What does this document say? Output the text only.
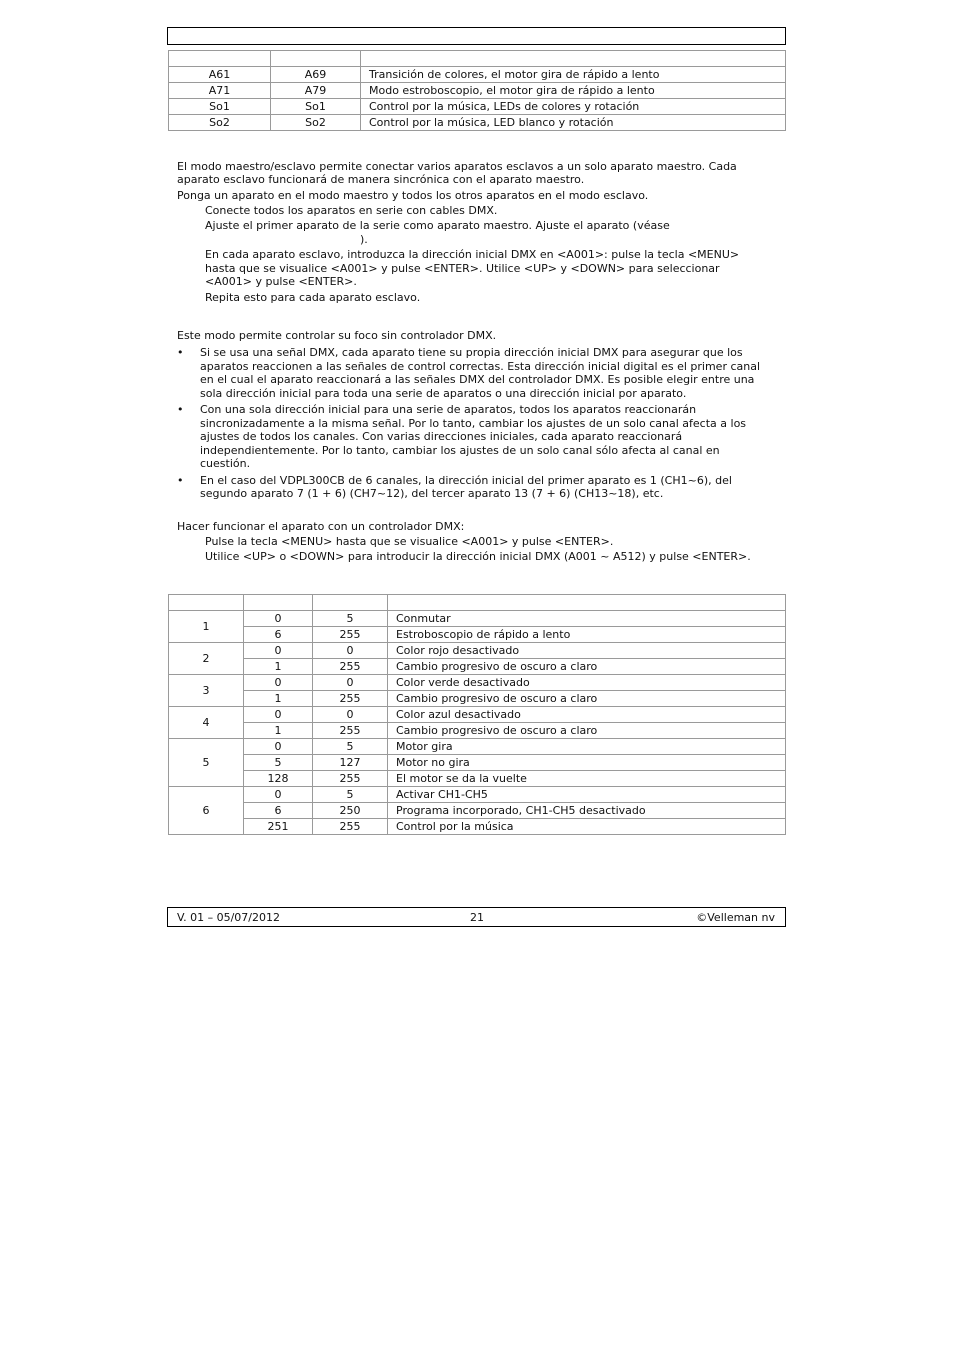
A61	A69	Transición de colores, el motor gira de rápido a lento
A71	A79	Modo estroboscopio, el motor gira de rápido a lento
So1	So1	Control por la música, LEDs de colores y rotación
So2	So2	Control por la música, LED blanco y rotación
El modo maestro/esclavo permite conectar varios aparatos esclavos a un solo aparato maestro. Cada
aparato esclavo funcionará de manera sincrónica con el aparato maestro.
Ponga un aparato en el modo maestro y todos los otros aparatos en el modo esclavo.
Conecte todos los aparatos en serie con cables DMX.
Ajuste el primer aparato de la serie como aparato maestro. Ajuste el aparato (véase
).
En cada aparato esclavo, introduzca la dirección inicial DMX en <A001>: pulse la tecla <MENU>
hasta que se visualice <A001> y pulse <ENTER>. Utilice <UP> y <DOWN> para seleccionar
<A001> y pulse <ENTER>.
Repita esto para cada aparato esclavo.
Este modo permite controlar su foco sin controlador DMX.
• Si se usa una señal DMX, cada aparato tiene su propia dirección inicial DMX para asegurar que los
aparatos reaccionen a las señales de control correctas. Esta dirección inicial digital es el primer canal
en el cual el aparato reaccionará a las señales DMX del controlador DMX. Es posible elegir entre una
sola dirección inicial para toda una serie de aparatos o una dirección inicial por aparato.
• Con una sola dirección inicial para una serie de aparatos, todos los aparatos reaccionarán
sincronizadamente a la misma señal. Por lo tanto, cambiar los ajustes de un solo canal afecta a los
ajustes de todos los canales. Con varias direcciones iniciales, cada aparato reaccionará
independientemente. Por lo tanto, cambiar los ajustes de un solo canal sólo afecta al canal en
cuestión.
• En el caso del VDPL300CB de 6 canales, la dirección inicial del primer aparato es 1 (CH1~6), del
segundo aparato 7 (1 + 6) (CH7~12), del tercer aparato 13 (7 + 6) (CH13~18), etc.
Hacer funcionar el aparato con un controlador DMX:
Pulse la tecla <MENU> hasta que se visualice <A001> y pulse <ENTER>.
Utilice <UP> o <DOWN> para introducir la dirección inicial DMX (A001 ~ A512) y pulse <ENTER>.

1	0	5	Conmutar
	6	255	Estroboscopio de rápido a lento
2	0	0	Color rojo desactivado
	1	255	Cambio progresivo de oscuro a claro
3	0	0	Color verde desactivado
	1	255	Cambio progresivo de oscuro a claro
4	0	0	Color azul desactivado
	1	255	Cambio progresivo de oscuro a claro
5	0	5	Motor gira
	5	127	Motor no gira
	128	255	El motor se da la vuelte
6	0	5	Activar CH1-CH5
	6	250	Programa incorporado, CH1-CH5 desactivado
	251	255	Control por la música
V. 01 – 05/07/2012	21	©Velleman nv
